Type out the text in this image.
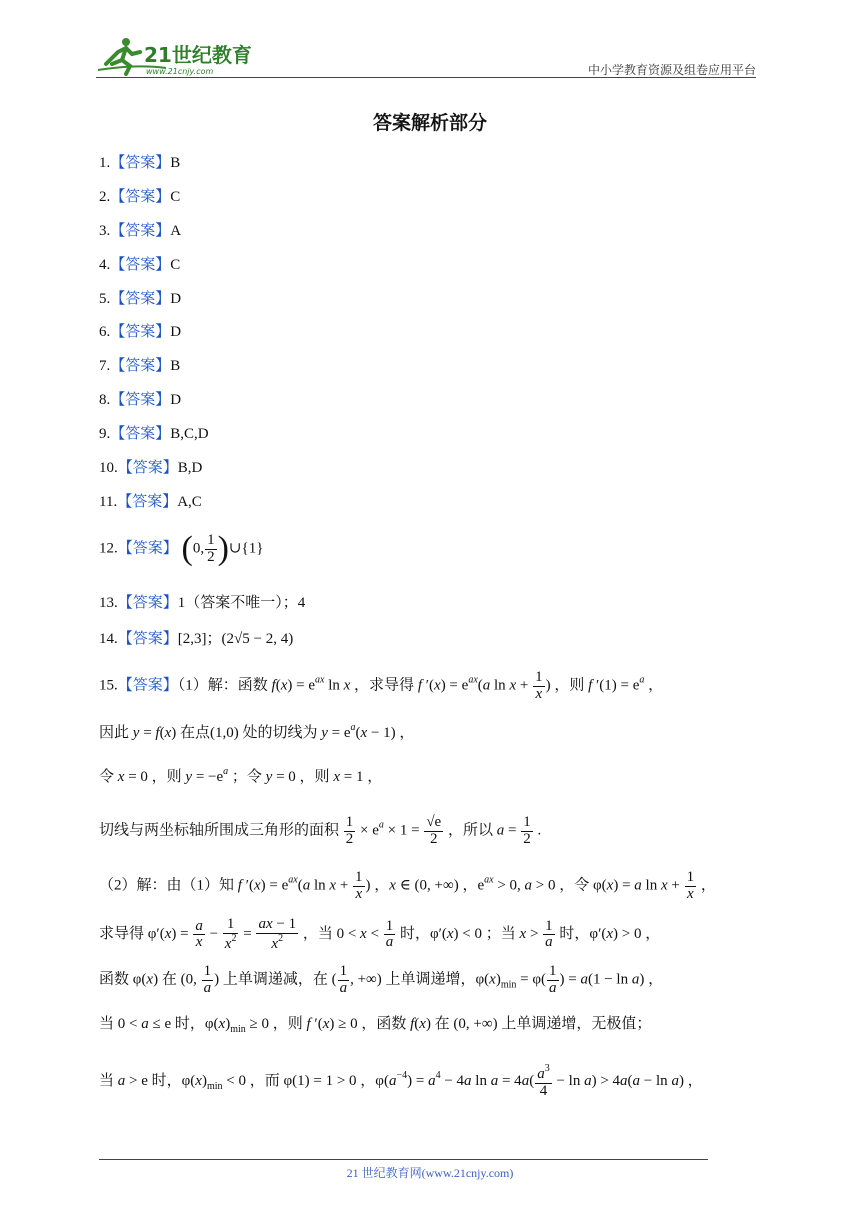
21世纪教育
www.21cnjy.com	中小学教育资源及组卷应用平台
答案解析部分
1.【答案】B
2.【答案】C
3.【答案】A
4.【答案】C
5.【答案】D
6.【答案】D
7.【答案】B
8.【答案】D
9.【答案】B,C,D
10.【答案】B,D
11.【答案】A,C
12.【答案】 (0, $\frac{1}{2}$ )∪{1}
13.【答案】1（答案不唯一）；4
14.【答案】[2,3]；(2√5 − 2, 4)
15.【答案】（1）解：函数 $f(x) = e^{ax}$ ln x ，求导得 f $'(x) = e^{ax}(a$ $\ln x + \frac{1}{x}$ ) ，则 f $'(1) = e^a$ ，
因此 y = f(x) 在点(1,0) 处的切线为 $y = e^a(x - 1)$ ，
令 x = 0 ，则 $y = -e^a$ ；令 y = 0 ，则 x = 1 ，
切线与两坐标轴所围成三角形的面积 $\frac{1}{2} \times e^a \times 1 = \frac{√e}{2}$ ，所以 $a = \frac{1}{2}$ .
（2）解：由（1）知 f $'(x) = e^{ax}(a$ $\ln x + \frac{1}{x}$ ) ，x ∈ (0, +∞) ，$e^{ax} > 0$, a > 0 ，令 φ(x) = a $\ln x + \frac{1}{x}$ ，
求导得 $\varphi'(x) = \frac{a}{x} - \frac{1}{x^2} = \frac{ax - 1}{x^2}$ ，当 $0 < x < \frac{1}{a}$ 时，φ′(x) < 0 ；当 $x > \frac{1}{a}$ 时，φ′(x) > 0 ，
函数 φ(x) 在 (0, $\frac{1}{a}$ ) 上单调递减，在 ( $\frac{1}{a}$ , +∞) 上单调递增，$\varphi(x)_{min} = \varphi( \frac{1}{a}$ ) = a(1 − ln a) ，
当 0 < a ≤ e 时，$\varphi(x)_{min} \ge 0$ ，则 f ′(x) ≥ 0 ，函数 f(x) 在 (0, +∞) 上单调递增，无极值；
当 a > e 时，$\varphi(x)_{min} < 0$ ，而 φ(1) = 1 > 0 ，$\varphi(a^{-4}) = a^4 - 4a$ $\ln a = 4a( \frac{a^3}{4} - \ln a) > 4a(a - \ln a)$ ，
21 世纪教育网(www.21cnjy.com)
